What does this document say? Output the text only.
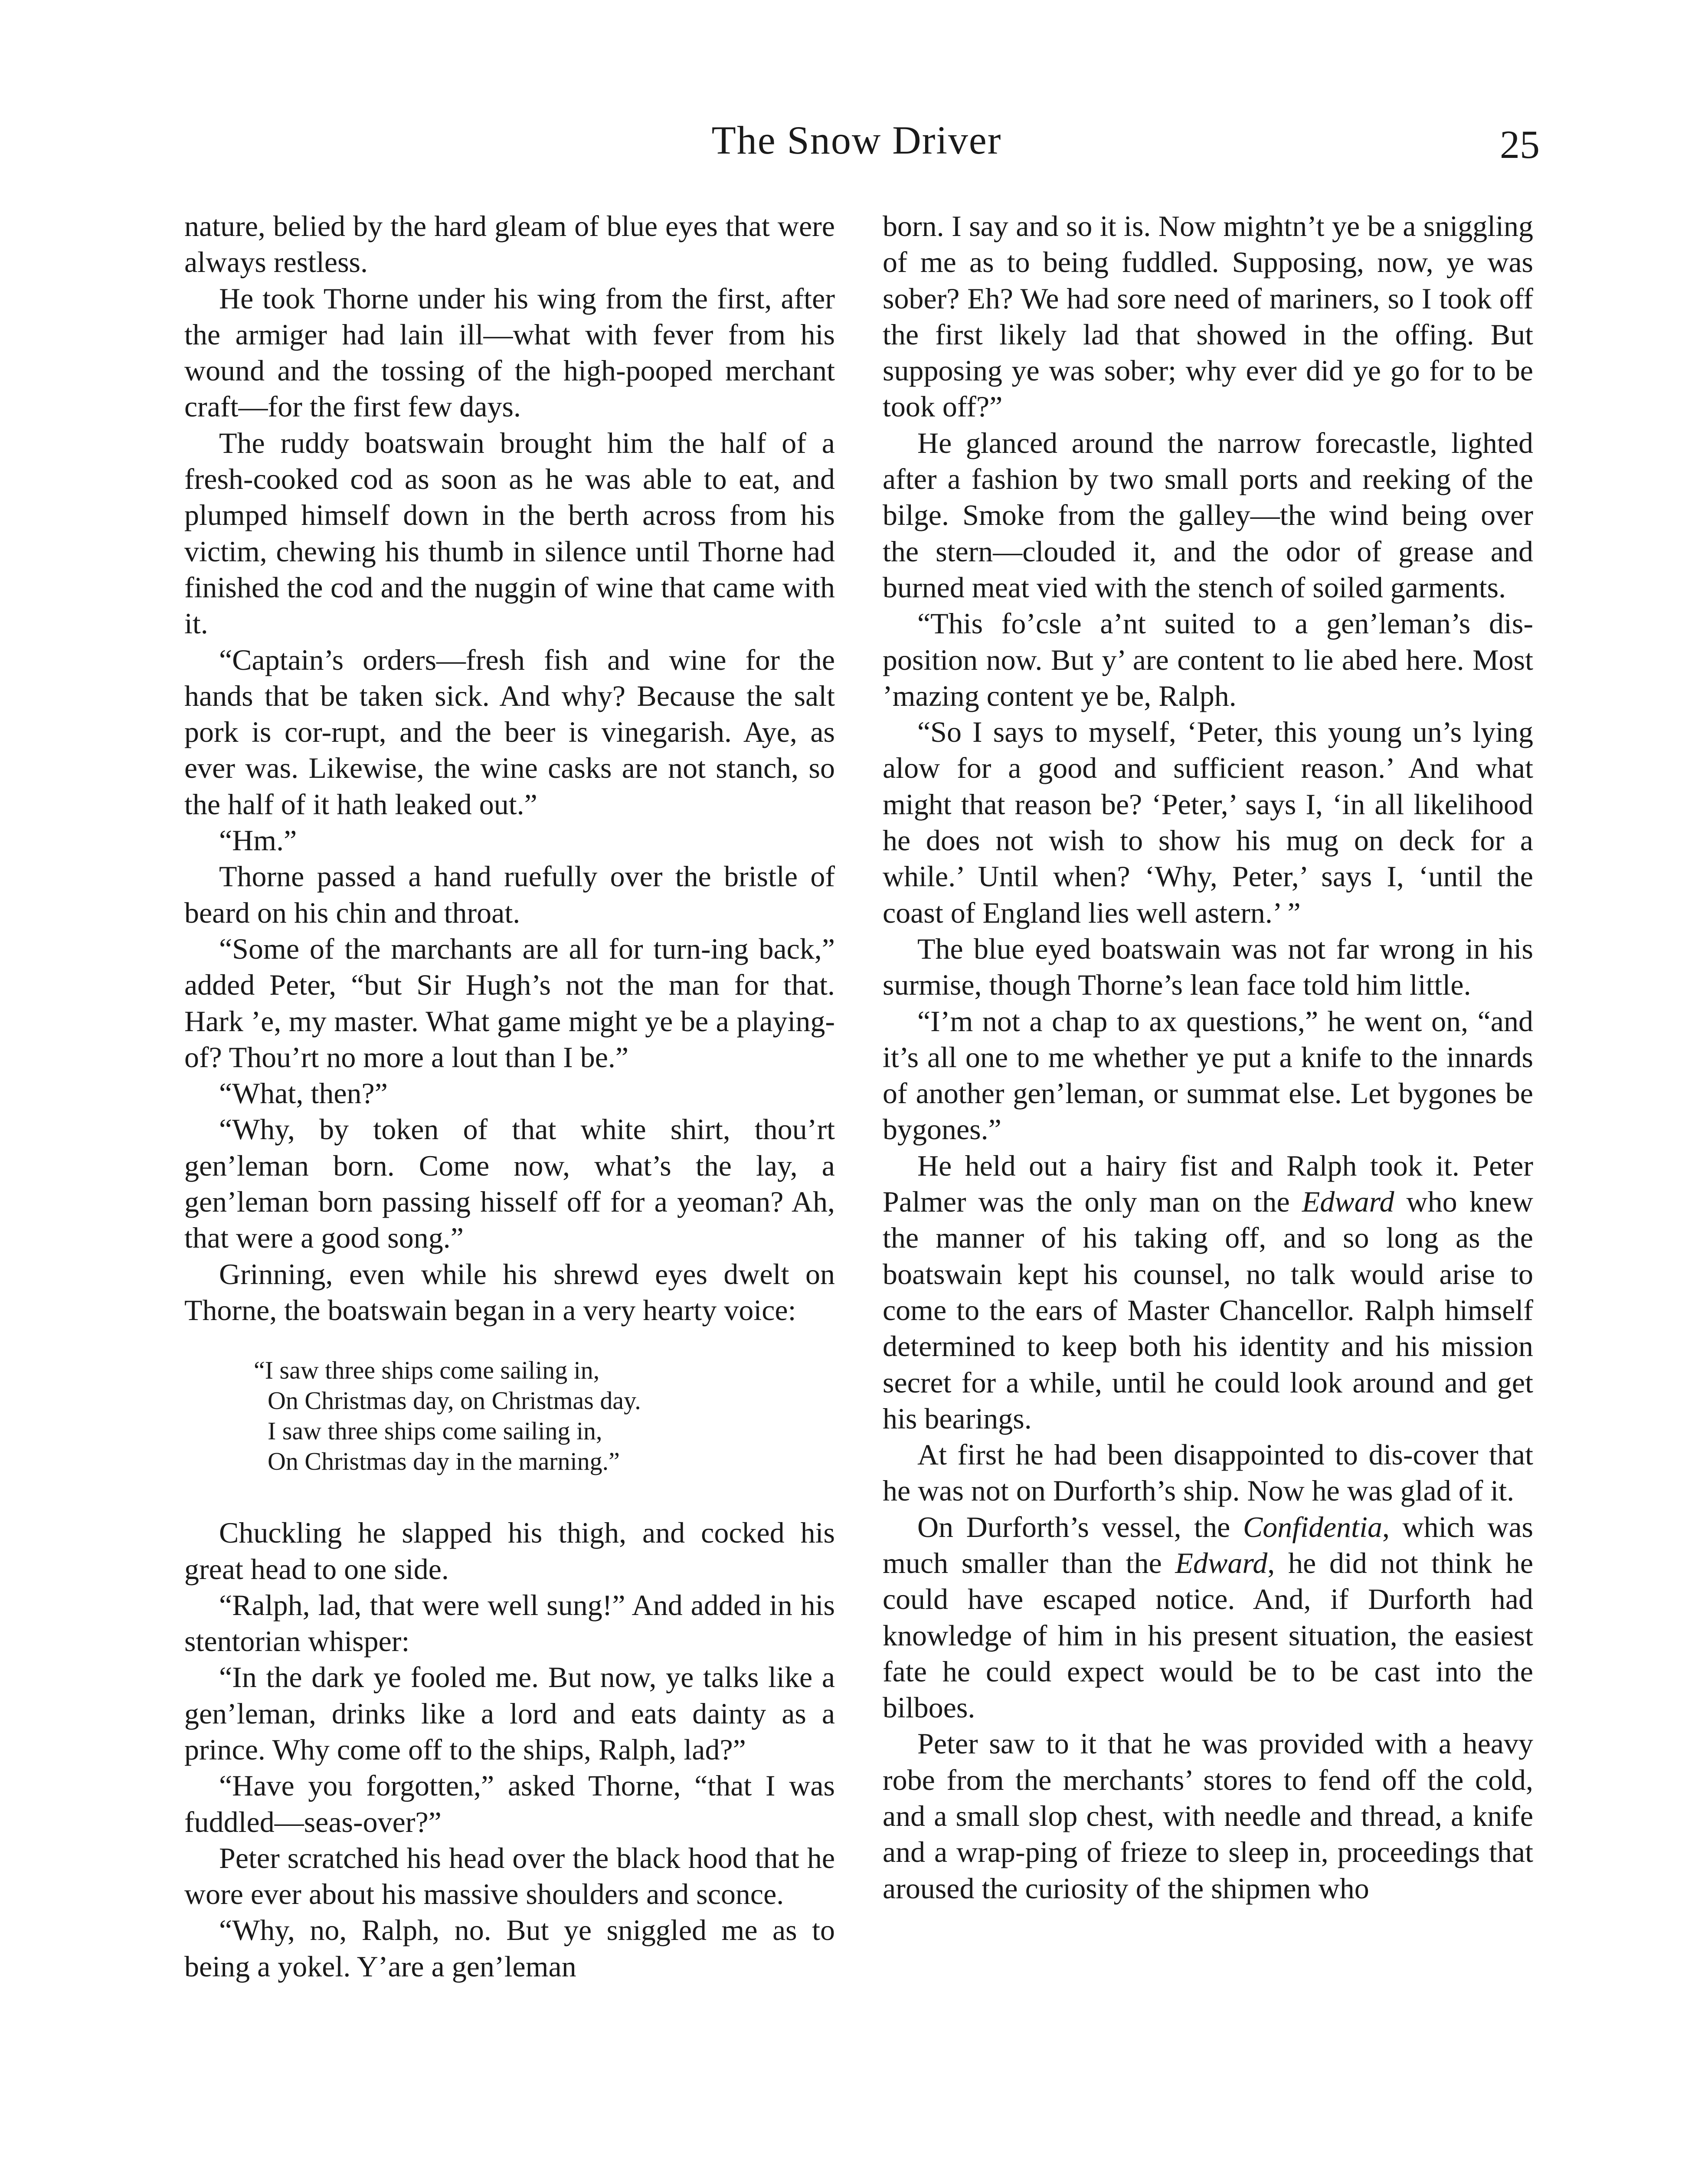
The Snow Driver	25

nature, belied by the hard gleam of blue eyes that were always restless.

He took Thorne under his wing from the first, after the armiger had lain ill—what with fever from his wound and the tossing of the high-pooped merchant craft—for the first few days.

The ruddy boatswain brought him the half of a fresh-cooked cod as soon as he was able to eat, and plumped himself down in the berth across from his victim, chewing his thumb in silence until Thorne had finished the cod and the nuggin of wine that came with it.

“Captain’s orders—fresh fish and wine for the hands that be taken sick. And why? Because the salt pork is cor-rupt, and the beer is vinegarish. Aye, as ever was. Likewise, the wine casks are not stanch, so the half of it hath leaked out.”

“Hm.”

Thorne passed a hand ruefully over the bristle of beard on his chin and throat.

“Some of the marchants are all for turn-ing back,” added Peter, “but Sir Hugh’s not the man for that. Hark ’e, my master. What game might ye be a playing-of? Thou’rt no more a lout than I be.”

“What, then?”

“Why, by token of that white shirt, thou’rt gen’leman born. Come now, what’s the lay, a gen’leman born passing hisself off for a yeoman? Ah, that were a good song.”

Grinning, even while his shrewd eyes dwelt on Thorne, the boatswain began in a very hearty voice:

“I saw three ships come sailing in,
On Christmas day, on Christmas day.
I saw three ships come sailing in,
On Christmas day in the marning.”

Chuckling he slapped his thigh, and cocked his great head to one side.

“Ralph, lad, that were well sung!” And added in his stentorian whisper:

“In the dark ye fooled me. But now, ye talks like a gen’leman, drinks like a lord and eats dainty as a prince. Why come off to the ships, Ralph, lad?”

“Have you forgotten,” asked Thorne, “that I was fuddled—seas-over?”

Peter scratched his head over the black hood that he wore ever about his massive shoulders and sconce.

“Why, no, Ralph, no. But ye sniggled me as to being a yokel. Y’are a gen’leman

born. I say and so it is. Now mightn’t ye be a sniggling of me as to being fuddled. Supposing, now, ye was sober? Eh? We had sore need of mariners, so I took off the first likely lad that showed in the offing. But supposing ye was sober; why ever did ye go for to be took off?”

He glanced around the narrow forecastle, lighted after a fashion by two small ports and reeking of the bilge. Smoke from the galley—the wind being over the stern—clouded it, and the odor of grease and burned meat vied with the stench of soiled garments.

“This fo’csle a’nt suited to a gen’leman’s dis-position now. But y’ are content to lie abed here. Most ’mazing content ye be, Ralph.

“So I says to myself, ‘Peter, this young un’s lying alow for a good and sufficient reason.’ And what might that reason be? ‘Peter,’ says I, ‘in all likelihood he does not wish to show his mug on deck for a while.’ Until when? ‘Why, Peter,’ says I, ‘until the coast of England lies well astern.’ ”

The blue eyed boatswain was not far wrong in his surmise, though Thorne’s lean face told him little.

“I’m not a chap to ax questions,” he went on, “and it’s all one to me whether ye put a knife to the innards of another gen’leman, or summat else. Let bygones be bygones.”

He held out a hairy fist and Ralph took it. Peter Palmer was the only man on the Edward who knew the manner of his taking off, and so long as the boatswain kept his counsel, no talk would arise to come to the ears of Master Chancellor. Ralph himself determined to keep both his identity and his mission secret for a while, until he could look around and get his bearings.

At first he had been disappointed to dis-cover that he was not on Durforth’s ship. Now he was glad of it.

On Durforth’s vessel, the Confidentia, which was much smaller than the Edward, he did not think he could have escaped notice. And, if Durforth had knowledge of him in his present situation, the easiest fate he could expect would be to be cast into the bilboes.

Peter saw to it that he was provided with a heavy robe from the merchants’ stores to fend off the cold, and a small slop chest, with needle and thread, a knife and a wrap-ping of frieze to sleep in, proceedings that aroused the curiosity of the shipmen who
